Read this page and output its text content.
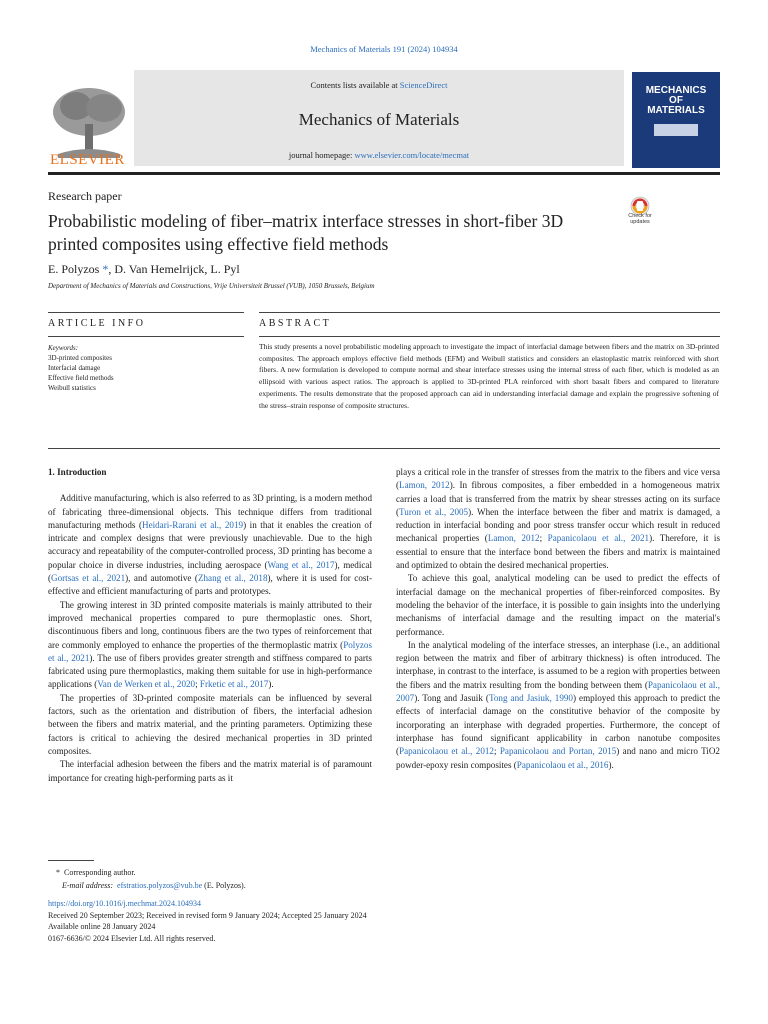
Mechanics of Materials 191 (2024) 104934
ELSEVIER
Contents lists available at ScienceDirect
Mechanics of Materials
journal homepage: www.elsevier.com/locate/mecmat
MECHANICS
OF
MATERIALS
Research paper
Probabilistic modeling of fiber–matrix interface stresses in short-fiber 3D printed composites using effective field methods
Check for
updates
E. Polyzos *, D. Van Hemelrijck, L. Pyl
Department of Mechanics of Materials and Constructions, Vrije Universiteit Brussel (VUB), 1050 Brussels, Belgium
ARTICLE INFO	ABSTRACT
Keywords:
3D-printed composites
Interfacial damage
Effective field methods
Weibull statistics
This study presents a novel probabilistic modeling approach to investigate the impact of interfacial damage between fibers and the matrix on 3D-printed composites. The approach employs effective field methods (EFM) and Weibull statistics and considers an elastoplastic matrix reinforced with short fibers. A new formulation is developed to compute normal and shear interface stresses using the internal stress of each fiber, which is modeled as an ellipsoid with various aspect ratios. The approach is applied to 3D-printed PLA reinforced with short basalt fibers and compared to literature experiments. The results demonstrate that the proposed approach can aid in understanding interfacial damage and explain the progressive softening of the stress–strain response of composite structures.
1. Introduction

Additive manufacturing, which is also referred to as 3D printing, is a modern method of fabricating three-dimensional objects. This technique differs from traditional manufacturing methods (Heidari-Rarani et al., 2019) in that it enables the creation of intricate and complex designs that were previously unachievable. Due to the high accuracy and repeatability of the computer-controlled process, 3D printing has become a popular choice in diverse industries, including aerospace (Wang et al., 2017), medical (Gortsas et al., 2021), and automotive (Zhang et al., 2018), where it is used for cost-effective and efficient manufacturing of parts and prototypes.

The growing interest in 3D printed composite materials is mainly attributed to their improved mechanical properties compared to pure thermoplastic ones. Short, discontinuous fibers and long, continuous fibers are the two types of reinforcement that are commonly employed to enhance the properties of the thermoplastic matrix (Polyzos et al., 2021). The use of fibers provides greater strength and stiffness compared to parts fabricated using pure thermoplastics, making them suitable for use in high-performance applications (Van de Werken et al., 2020; Frketic et al., 2017).

The properties of 3D-printed composite materials can be influenced by several factors, such as the orientation and distribution of fibers, the interfacial adhesion between the fibers and matrix material, and the printing parameters. Optimizing these factors is critical to achieving the desired mechanical properties in 3D printed composites.

The interfacial adhesion between the fibers and the matrix material is of paramount importance for creating high-performing parts as it

plays a critical role in the transfer of stresses from the matrix to the fibers and vice versa (Lamon, 2012). In fibrous composites, a fiber embedded in a homogeneous matrix carries a load that is transferred from the matrix by shear stresses acting on its surface (Turon et al., 2005). When the interface between the fiber and matrix is damaged, a reduction in interfacial bonding and poor stress transfer occur which result in reduced mechanical properties (Lamon, 2012; Papanicolaou et al., 2021). Therefore, it is essential to ensure that the interface bond between the fibers and matrix is maintained and optimized to obtain the desired mechanical properties.

To achieve this goal, analytical modeling can be used to predict the effects of interfacial damage on the mechanical properties of fiber-reinforced composites. By modeling the behavior of the interface, it is possible to gain insights into the underlying mechanisms of interfacial damage and the resulting impact on the material's performance.

In the analytical modeling of the interface stresses, an interphase (i.e., an additional region between the matrix and fiber of arbitrary thickness) is often introduced. The interphase, in contrast to the interface, is assumed to be a region with properties between the fibers and the matrix resulting from the bonding between them (Papanicolaou et al., 2007). Tong and Jasuik (Tong and Jasiuk, 1990) employed this approach to predict the effects of interfacial damage on the constitutive behavior of the composite by incorporating an interphase with degraded properties. Furthermore, the concept of interphase has found significant applicability in carbon nanotube composites (Papanicolaou et al., 2012; Papanicolaou and Portan, 2015) and nano and micro TiO2 powder-epoxy resin composites (Papanicolaou et al., 2016).

* Corresponding author.
E-mail address: efstratios.polyzos@vub.be (E. Polyzos).
https://doi.org/10.1016/j.mechmat.2024.104934
Received 20 September 2023; Received in revised form 9 January 2024; Accepted 25 January 2024
Available online 28 January 2024
0167-6636/© 2024 Elsevier Ltd. All rights reserved.
